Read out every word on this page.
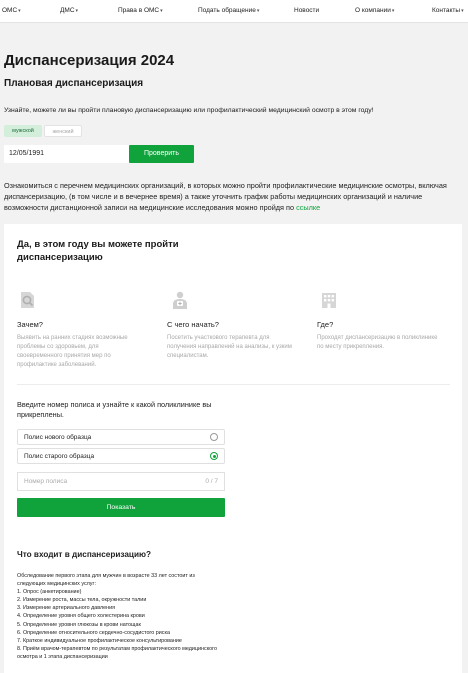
ОМС▾	ДМС▾	Права в ОМС▾	Подать обращение▾	Новости	О компании▾	Контакты▾
Диспансеризация 2024
Плановая диспансеризация
Узнайте, можете ли вы пройти плановую диспансеризацию или профилактический медицинский осмотр в этом году!
мужской	женский
12/05/1991	Проверить
Ознакомиться с перечнем медицинских организаций, в которых можно пройти профилактические медицинские осмотры, включая диспансеризацию, (в том числе и в вечернее время) а также уточнить график работы медицинских организаций и наличие возможности дистанционной записи на медицинские исследования можно пройдя по ссылке
Да, в этом году вы можете пройти диспансеризацию
Зачем?
Выявить на ранних стадиях возможные проблемы со здоровьем, для своевременного принятия мер по профилактике заболеваний.
С чего начать?
Посетить участкового терапевта для получения направлений на анализы, к узким специалистам.
Где?
Проходят диспансеризацию в поликлинике по месту прикрепления.
Введите номер полиса и узнайте к какой поликлинике вы прикреплены.
Полис нового образца
Полис старого образца
Номер полиса	0 / 7
Показать
Что входит в диспансеризацию?
Обследование первого этапа для мужчин в возрасте 33 лет состоит из следующих медицинских услуг:
1. Опрос (анкетирование)
2. Измерение роста, массы тела, окружности талии
3. Измерение артериального давления
4. Определение уровня общего холестерина крови
5. Определение уровня глюкозы в крови натощак
6. Определение относительного сердечно-сосудистого риска
7. Краткое индивидуальное профилактическое консультирование
8. Приём врачом-терапевтом по результатам профилактического медицинского осмотра и 1 этапа диспансеризации
